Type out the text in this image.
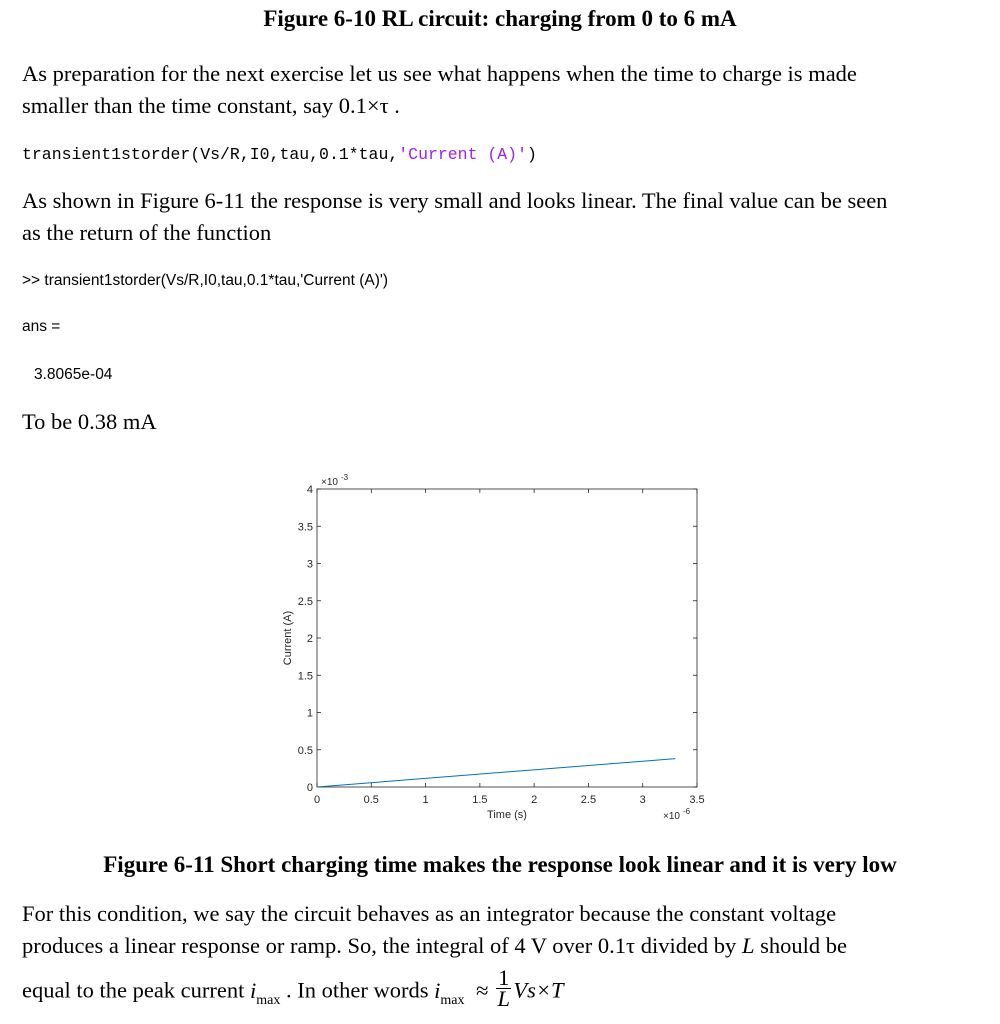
Figure 6-10 RL circuit: charging from 0 to 6 mA
As preparation for the next exercise let us see what happens when the time to charge is made
smaller than the time constant, say 0.1×τ .
transient1storder(Vs/R,I0,tau,0.1*tau,'Current (A)')
As shown in Figure 6-11 the response is very small and looks linear. The final value can be seen
as the return of the function
>> transient1storder(Vs/R,I0,tau,0.1*tau,'Current (A)')
ans =
3.8065e-04
To be 0.38 mA
0	0.5	1	1.5	2	2.5	3	3.5
0
0.5
1
1.5
2
2.5
3
3.5
4
Time (s)
Current (A)
×10 -3
×10 -6
Figure 6-11 Short charging time makes the response look linear and it is very low
For this condition, we say the circuit behaves as an integrator because the constant voltage
produces a linear response or ramp. So, the integral of 4 V over 0.1τ divided by L should be
equal to the peak current $i_{max}$ . In other words $i_{max} \approx \frac{1}{L} Vs\times T$
